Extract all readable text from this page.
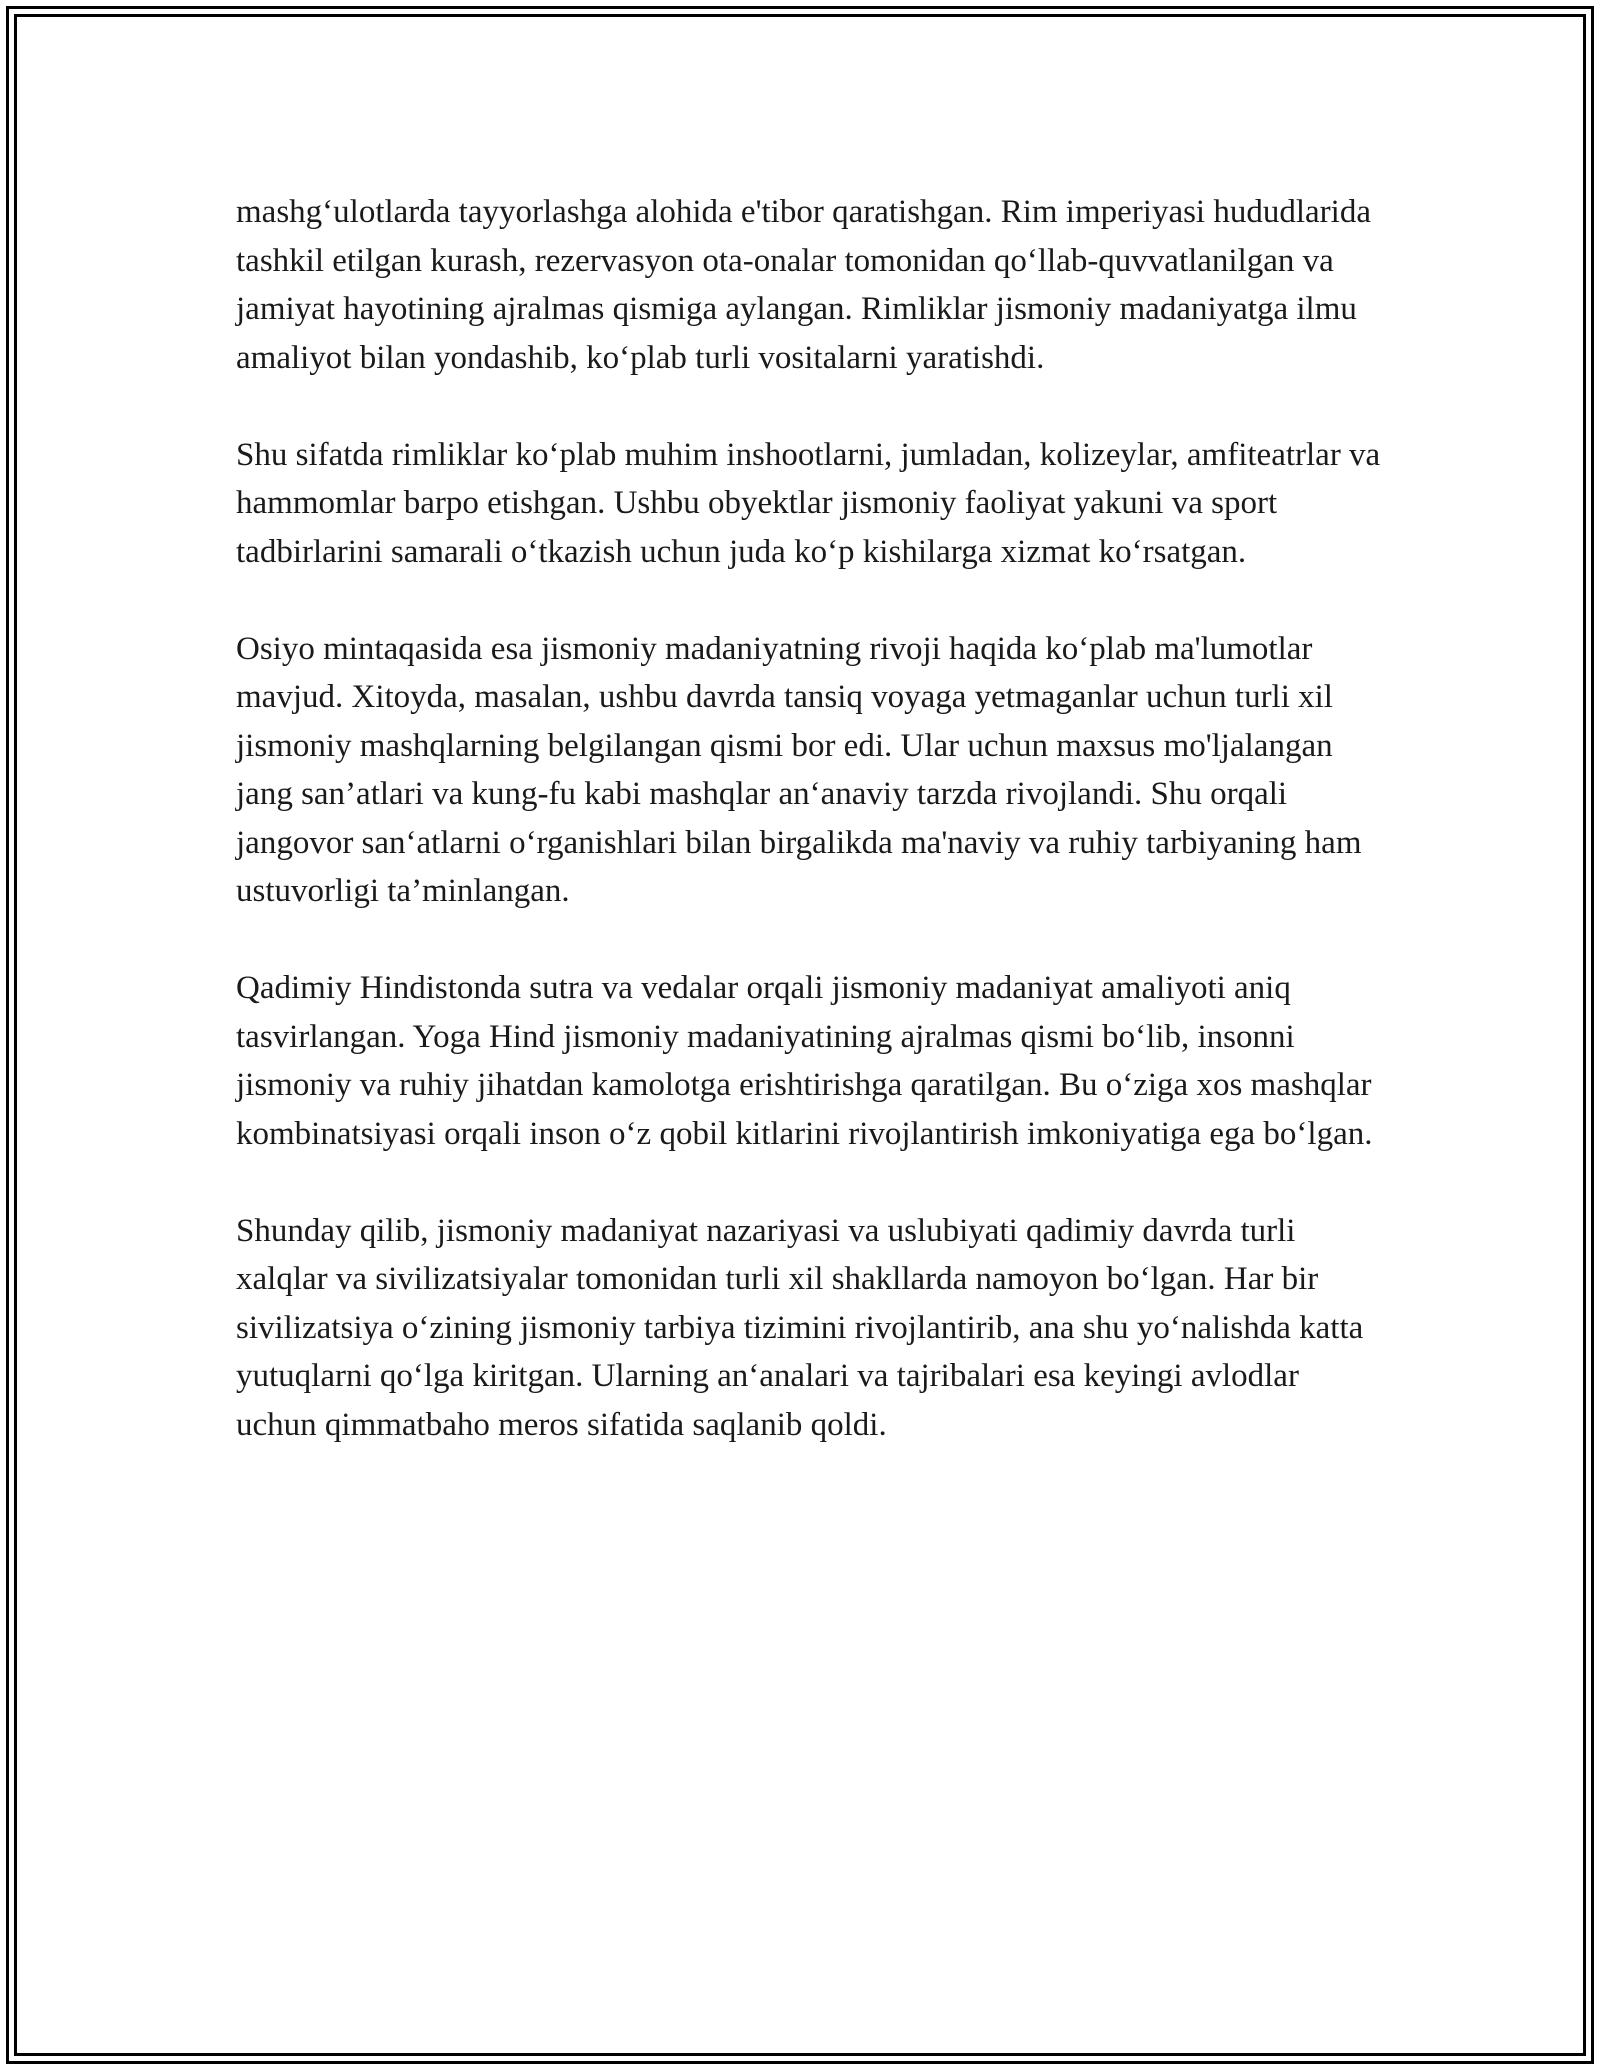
mashg‘ulotlarda tayyorlashga alohida e'tibor qaratishgan. Rim imperiyasi hududlarida tashkil etilgan kurash, rezervasyon ota-onalar tomonidan qo‘llab-quvvatlanilgan va jamiyat hayotining ajralmas qismiga aylangan. Rimliklar jismoniy madaniyatga ilmu amaliyot bilan yondashib, ko‘plab turli vositalarni yaratishdi.

Shu sifatda rimliklar ko‘plab muhim inshootlarni, jumladan, kolizeylar, amfiteatrlar va hammomlar barpo etishgan. Ushbu obyektlar jismoniy faoliyat yakuni va sport tadbirlarini samarali o‘tkazish uchun juda ko‘p kishilarga xizmat ko‘rsatgan.

Osiyo mintaqasida esa jismoniy madaniyatning rivoji haqida ko‘plab ma'lumotlar mavjud. Xitoyda, masalan, ushbu davrda tansiq voyaga yetmaganlar uchun turli xil jismoniy mashqlarning belgilangan qismi bor edi. Ular uchun maxsus mo'ljalangan jang san’atlari va kung-fu kabi mashqlar an‘anaviy tarzda rivojlandi. Shu orqali jangovor san‘atlarni o‘rganishlari bilan birgalikda ma'naviy va ruhiy tarbiyaning ham ustuvorligi ta’minlangan.

Qadimiy Hindistonda sutra va vedalar orqali jismoniy madaniyat amaliyoti aniq tasvirlangan. Yoga Hind jismoniy madaniyatining ajralmas qismi bo‘lib, insonni jismoniy va ruhiy jihatdan kamolotga erishtirishga qaratilgan. Bu o‘ziga xos mashqlar kombinatsiyasi orqali inson o‘z qobil kitlarini rivojlantirish imkoniyatiga ega bo‘lgan.

Shunday qilib, jismoniy madaniyat nazariyasi va uslubiyati qadimiy davrda turli xalqlar va sivilizatsiyalar tomonidan turli xil shakllarda namoyon bo‘lgan. Har bir sivilizatsiya o‘zining jismoniy tarbiya tizimini rivojlantirib, ana shu yo‘nalishda katta yutuqlarni qo‘lga kiritgan. Ularning an‘analari va tajribalari esa keyingi avlodlar uchun qimmatbaho meros sifatida saqlanib qoldi.
